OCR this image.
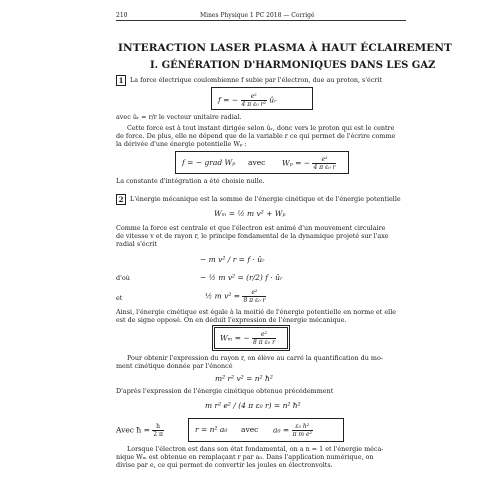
210	Mines Physique 1 PC 2018 — Corrigé
INTERACTION LASER PLASMA À HAUT ÉCLAIREMENT
I. GÉNÉRATION D'HARMONIQUES DANS LES GAZ
1	La force électrique coulombienne f subie par l'électron, due au proton, s'écrit
f = − $\frac{\text{e²}}{\text{4 π ε₀ r²}}$ ûᵣ
avec ûᵣ = r/r le vecteur unitaire radial.
Cette force est à tout instant dirigée selon ûᵣ, donc vers le proton qui est le centre
de force. De plus, elle ne dépend que de la variable r ce qui permet de l'écrire comme
la dérivée d'une énergie potentielle Wₚ :
f = − grad Wₚ avec Wₚ = − $\frac{\text{e²}}{\text{4 π ε₀ r}}$
La constante d'intégration a été choisie nulle.
2	L'énergie mécanique est la somme de l'énergie cinétique et de l'énergie potentielle
Wₘ = ½ m v² + Wₚ
Comme la force est centrale et que l'électron est animé d'un mouvement circulaire
de vitesse v et de rayon r, le principe fondamental de la dynamique projeté sur l'axe
radial s'écrit
− m v² / r = f · ûᵣ
d'où	− ½ m v² = (r/2) f · ûᵣ
et	½ m $v^2 = \frac{\text{e²}}{\text{8 π ε₀ r}}$
Ainsi, l'énergie cinétique est égale à la moitié de l'énergie potentielle en norme et elle
est de signe opposé. On en déduit l'expression de l'énergie mécanique.
Wₘ = − $\frac{\text{e²}}{\text{8 π ε₀ r}}$
Pour obtenir l'expression du rayon r, on élève au carré la quantification du mo-
ment cinétique donnée par l'énoncé
m² r² v² = n² ħ²
D'après l'expression de l'énergie cinétique obtenue précédemment
m r² e² / (4 π ε₀ r) = n² ħ²
Avec ħ = $\frac{h}{2 \pi}$	r = n² a₀ avec $a_0 = \frac{\text{ε₀ h²}}{\text{π m e²}}$
Lorsque l'électron est dans son état fondamental, on a n = 1 et l'énergie méca-
nique Wₘ est obtenue en remplaçant r par a₀. Dans l'application numérique, on
divise par e, ce qui permet de convertir les joules en électronvolts.
